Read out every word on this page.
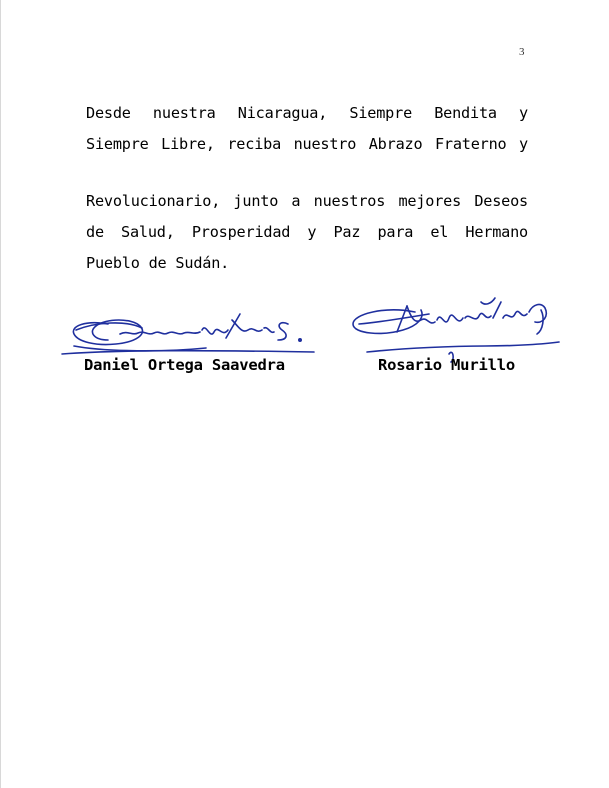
3
Desde nuestra Nicaragua, Siempre Bendita y
Siempre Libre, reciba nuestro Abrazo Fraterno y
Revolucionario, junto a nuestros mejores Deseos
de Salud, Prosperidad y Paz para el Hermano
Pueblo de Sudán.
Daniel Ortega Saavedra	Rosario Murillo
